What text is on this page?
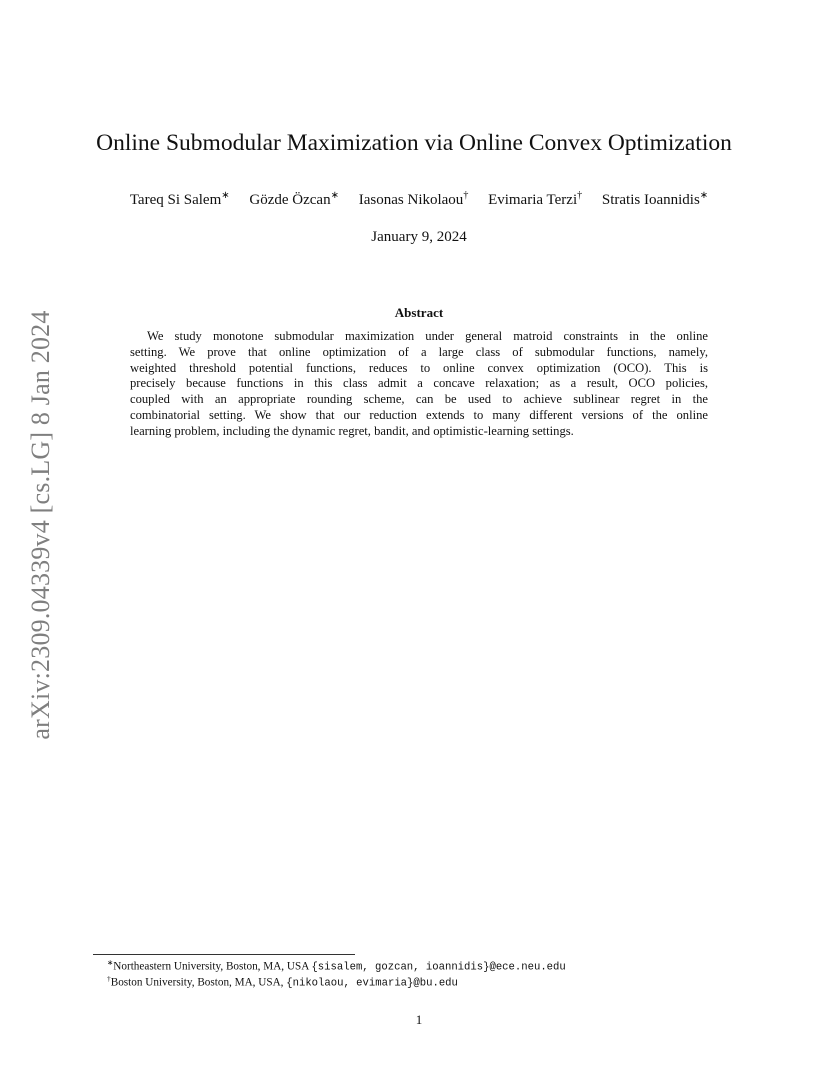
arXiv:2309.04339v4 [cs.LG] 8 Jan 2024
Online Submodular Maximization via Online Convex Optimization
Tareq Si Salem∗ Gözde Özcan∗ Iasonas Nikolaou† Evimaria Terzi† Stratis Ioannidis∗
January 9, 2024
Abstract
We study monotone submodular maximization under general matroid constraints in the online
setting. We prove that online optimization of a large class of submodular functions, namely,
weighted threshold potential functions, reduces to online convex optimization (OCO). This is
precisely because functions in this class admit a concave relaxation; as a result, OCO policies,
coupled with an appropriate rounding scheme, can be used to achieve sublinear regret in the
combinatorial setting. We show that our reduction extends to many different versions of the online
learning problem, including the dynamic regret, bandit, and optimistic-learning settings.
∗Northeastern University, Boston, MA, USA {sisalem, gozcan, ioannidis}@ece.neu.edu
†Boston University, Boston, MA, USA, {nikolaou, evimaria}@bu.edu
1
